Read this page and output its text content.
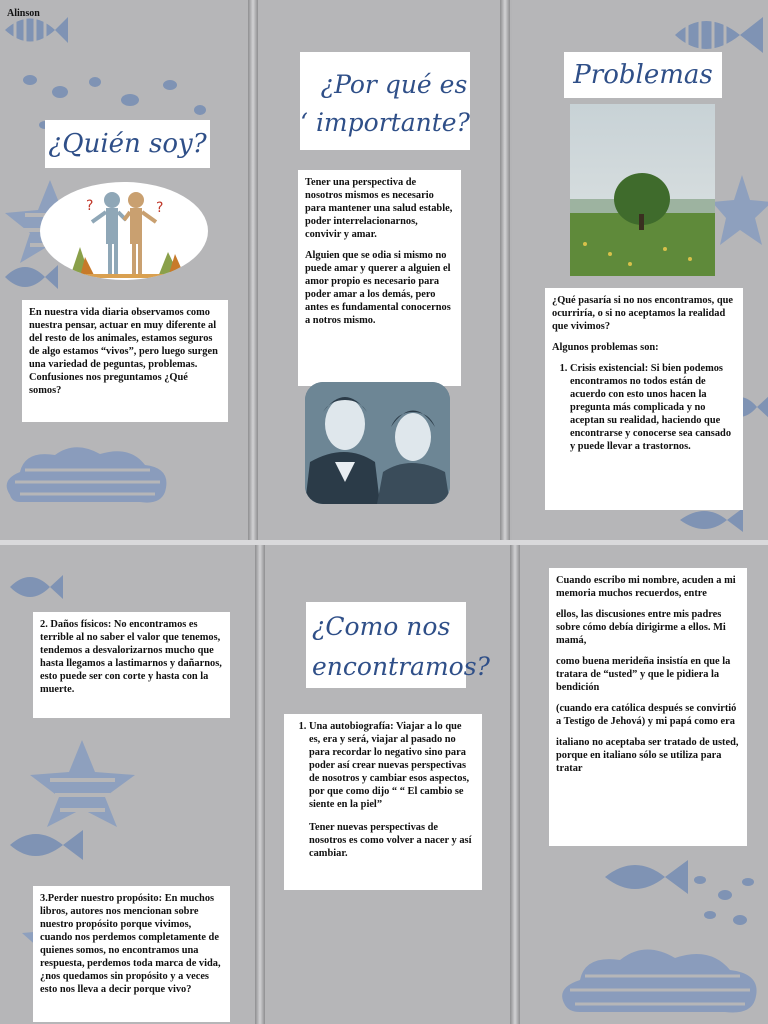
Alinson
¿Quién soy?
?	?
En nuestra vida diaria observamos como nuestra pensar, actuar en muy diferente al del resto de los animales, estamos seguros de algo estamos “vivos”, pero luego surgen una variedad de peguntas, problemas. Confusiones nos preguntamos ¿Qué somos?
¿Por qué es
‘ importante?

Tener una perspectiva de nosotros mismos es necesario para mantener una salud estable, poder interrelacionarnos, convivir y amar.

Alguien que se odia si mismo no puede amar y querer a alguien el amor propio es necesario para poder amar a los demás, pero antes es fundamental conocernos a notros mismo.

Problemas

¿Qué pasaría si no nos encontramos, que ocurriría, o si no aceptamos la realidad que vivimos?

Algunos problemas son:

1. Crisis existencial: Si bien podemos encontramos no todos están de acuerdo con esto unos hacen la pregunta más complicada y no aceptan su realidad, haciendo que encontrarse y conocerse sea cansado y puede llevar a trastornos.
2. Daños físicos: No encontramos es terrible al no saber el valor que tenemos, tendemos a desvalorizarnos mucho que hasta llegamos a lastimarnos y dañarnos, esto puede ser con corte y hasta con la muerte.
3.Perder nuestro propósito: En muchos libros, autores nos mencionan sobre nuestro propósito porque vivimos, cuando nos perdemos completamente de quienes somos, no encontramos una respuesta, perdemos toda marca de vida, ¿nos quedamos sin propósito y a veces esto nos lleva a decir porque vivo?
¿Como nos
encontramos?
1. Una autobiografía: Viajar a lo que es, era y será, viajar al pasado no para recordar lo negativo sino para poder así crear nuevas perspectivas de nosotros y cambiar esos aspectos, por que como dijo “ “ El cambio se siente en la piel”

Tener nuevas perspectivas de nosotros es como volver a nacer y así cambiar.

Cuando escribo mi nombre, acuden a mi memoria muchos recuerdos, entre

ellos, las discusiones entre mis padres sobre cómo debía dirigirme a ellos. Mi mamá,

como buena merideña insistía en que la tratara de “usted” y que le pidiera la bendición

(cuando era católica después se convirtió a Testigo de Jehová) y mi papá como era

italiano no aceptaba ser tratado de usted, porque en italiano sólo se utiliza para tratar
